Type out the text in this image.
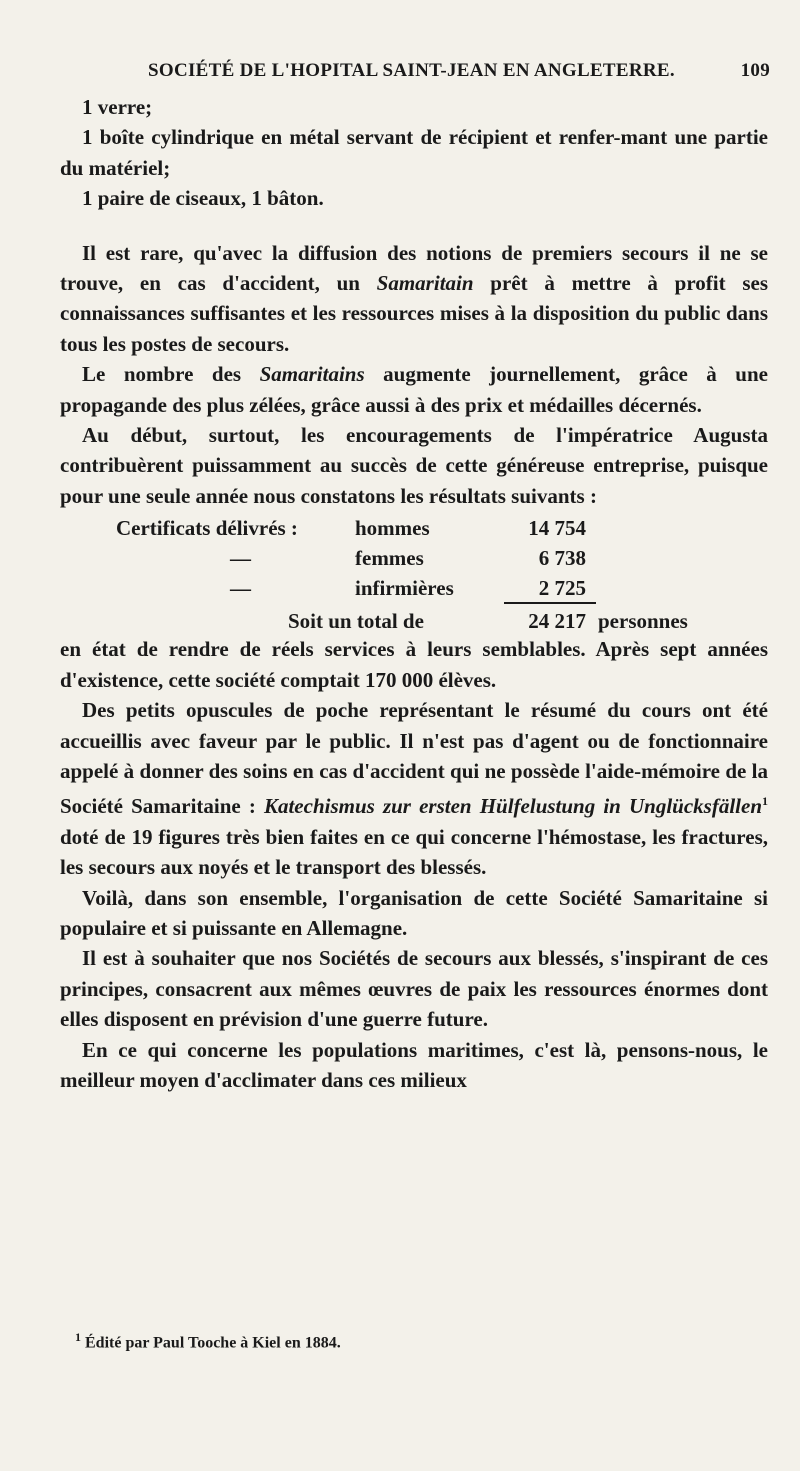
SOCIÉTÉ DE L'HOPITAL SAINT-JEAN EN ANGLETERRE.	109

1 verre;

1 boîte cylindrique en métal servant de récipient et renfer-mant une partie du matériel;

1 paire de ciseaux, 1 bâton.

Il est rare, qu'avec la diffusion des notions de premiers secours il ne se trouve, en cas d'accident, un Samaritain prêt à mettre à profit ses connaissances suffisantes et les ressources mises à la disposition du public dans tous les postes de secours.

Le nombre des Samaritains augmente journellement, grâce à une propagande des plus zélées, grâce aussi à des prix et médailles décernés.

Au début, surtout, les encouragements de l'impératrice Augusta contribuèrent puissamment au succès de cette généreuse entreprise, puisque pour une seule année nous constatons les résultats suivants :

Certificats délivrés :	hommes	14 754
—	femmes	6 738
—	infirmières	2 725
Soit un total de	24 217 personnes

en état de rendre de réels services à leurs semblables. Après sept années d'existence, cette société comptait 170 000 élèves.

Des petits opuscules de poche représentant le résumé du cours ont été accueillis avec faveur par le public. Il n'est pas d'agent ou de fonctionnaire appelé à donner des soins en cas d'accident qui ne possède l'aide-mémoire de la Société Samaritaine : Katechismus zur ersten Hülfelustung in Unglücksfällen$^1$ doté de 19 figures très bien faites en ce qui concerne l'hémostase, les fractures, les secours aux noyés et le transport des blessés.

Voilà, dans son ensemble, l'organisation de cette Société Samaritaine si populaire et si puissante en Allemagne.

Il est à souhaiter que nos Sociétés de secours aux blessés, s'inspirant de ces principes, consacrent aux mêmes œuvres de paix les ressources énormes dont elles disposent en prévision d'une guerre future.

En ce qui concerne les populations maritimes, c'est là, pensons-nous, le meilleur moyen d'acclimater dans ces milieux

$^1$ Édité par Paul Tooche à Kiel en 1884.
